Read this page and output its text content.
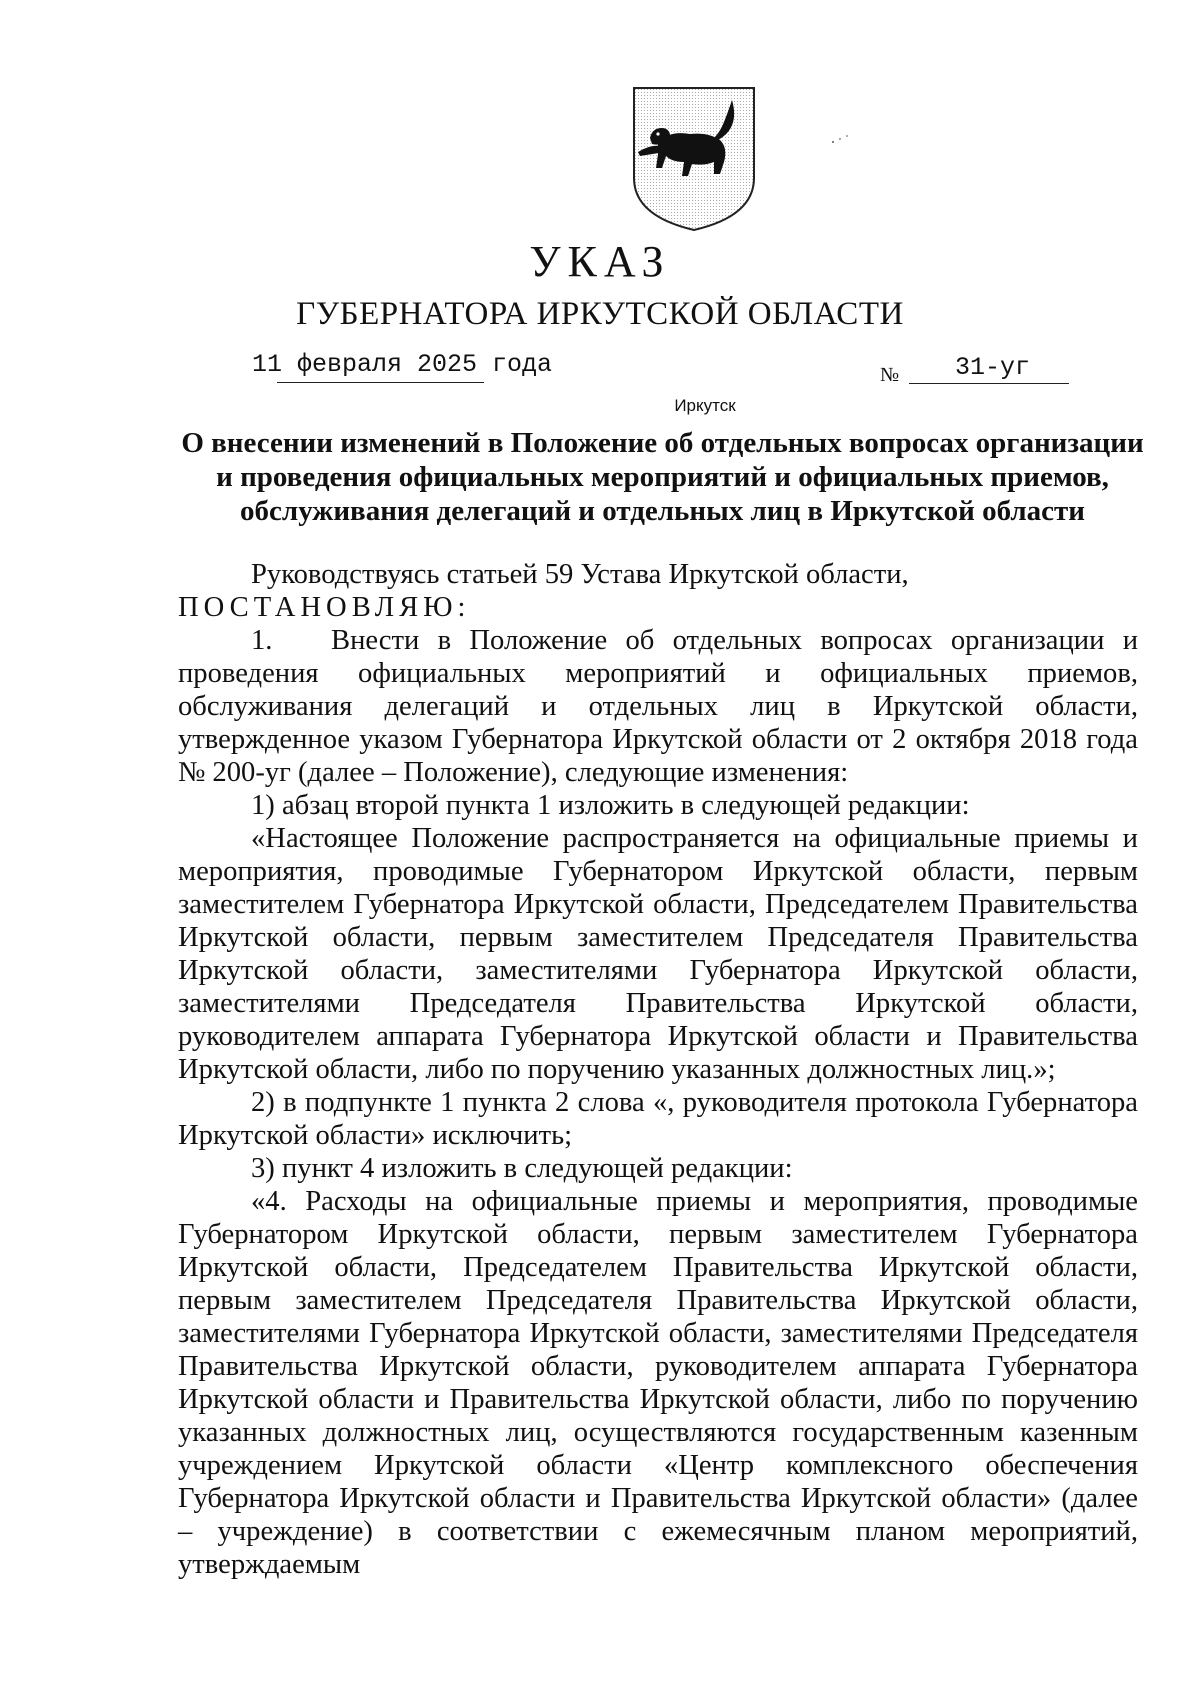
УКАЗ
ГУБЕРНАТОРА ИРКУТСКОЙ ОБЛАСТИ
11 февраля 2025 года	№ 31-уг
Иркутск
О внесении изменений в Положение об отдельных вопросах организации и проведения официальных мероприятий и официальных приемов, обслуживания делегаций и отдельных лиц в Иркутской области

Руководствуясь статьей 59 Устава Иркутской области,

ПОСТАНОВЛЯЮ:

1. Внести в Положение об отдельных вопросах организации и проведения официальных мероприятий и официальных приемов, обслуживания делегаций и отдельных лиц в Иркутской области, утвержденное указом Губернатора Иркутской области от 2 октября 2018 года № 200-уг (далее – Положение), следующие изменения:

1) абзац второй пункта 1 изложить в следующей редакции:

«Настоящее Положение распространяется на официальные приемы и мероприятия, проводимые Губернатором Иркутской области, первым заместителем Губернатора Иркутской области, Председателем Правительства Иркутской области, первым заместителем Председателя Правительства Иркутской области, заместителями Губернатора Иркутской области, заместителями Председателя Правительства Иркутской области, руководителем аппарата Губернатора Иркутской области и Правительства Иркутской области, либо по поручению указанных должностных лиц.»;

2) в подпункте 1 пункта 2 слова «, руководителя протокола Губернатора Иркутской области» исключить;

3) пункт 4 изложить в следующей редакции:

«4. Расходы на официальные приемы и мероприятия, проводимые Губернатором Иркутской области, первым заместителем Губернатора Иркутской области, Председателем Правительства Иркутской области, первым заместителем Председателя Правительства Иркутской области, заместителями Губернатора Иркутской области, заместителями Председателя Правительства Иркутской области, руководителем аппарата Губернатора Иркутской области и Правительства Иркутской области, либо по поручению указанных должностных лиц, осуществляются государственным казенным учреждением Иркутской области «Центр комплексного обеспечения Губернатора Иркутской области и Правительства Иркутской области» (далее – учреждение) в соответствии с ежемесячным планом мероприятий, утверждаемым
